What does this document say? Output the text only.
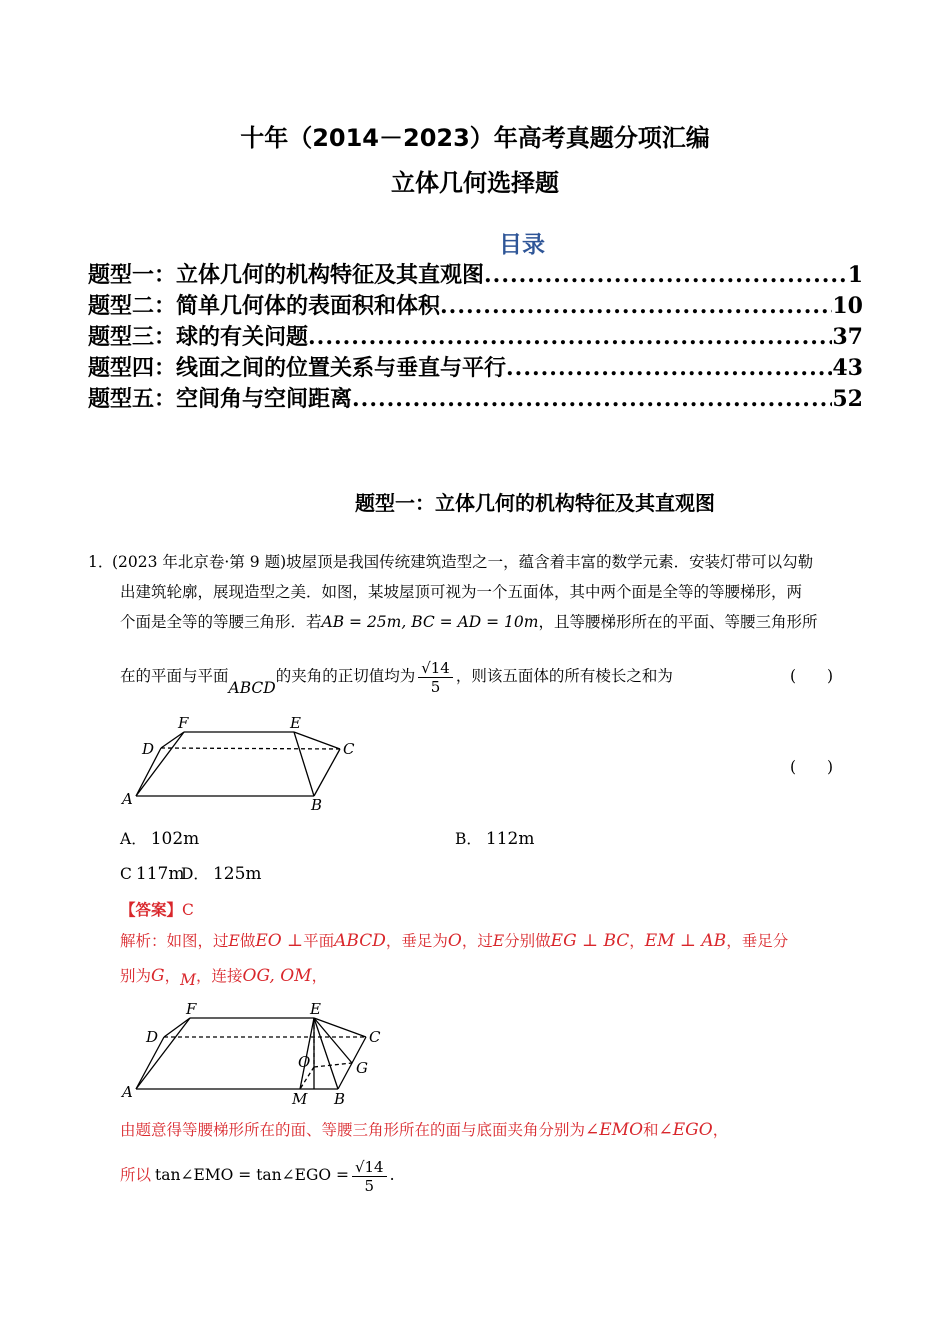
十年（2014－2023）年高考真题分项汇编
立体几何选择题
目录
题型一：立体几何的机构特征及其直观图 .....	1
题型二：简单几何体的表面积和体积 .....	10
题型三：球的有关问题 .....	37
题型四：线面之间的位置关系与垂直与平行 .....	43
题型五：空间角与空间距离 .....	52
题型一：立体几何的机构特征及其直观图
1．
(2023 年北京卷·第 9 题)坡屋顶是我国传统建筑造型之一，蕴含着丰富的数学元素．安装灯带可以勾勒
出建筑轮廓，展现造型之美．如图，某坡屋顶可视为一个五面体，其中两个面是全等的等腰梯形，两
个面是全等的等腰三角形．若AB = 25m, BC = AD = 10m，且等腰梯形所在的平面、等腰三角形所
在的平面与平面ABCD的夹角的正切值均为 $\frac{√14}{5}$ ，则该五面体的所有棱长之和为	(　　)
(　　)
F	E
D	C
A	B
A． 102m	B． 112m
C 117m
D． 125m
【答案】C
解析：如图，过E做EO ⊥平面ABCD，垂足为O，过E分别做EG ⊥ BC，EM ⊥ AB，垂足分
别为G，M，连接OG, OM，
F	E
D	C
O	G
A	M B
由题意得等腰梯形所在的面、等腰三角形所在的面与底面夹角分别为∠EMO和∠EGO，
所以 tan∠EMO = tan∠EGO = $\frac{√14}{5}$ .
